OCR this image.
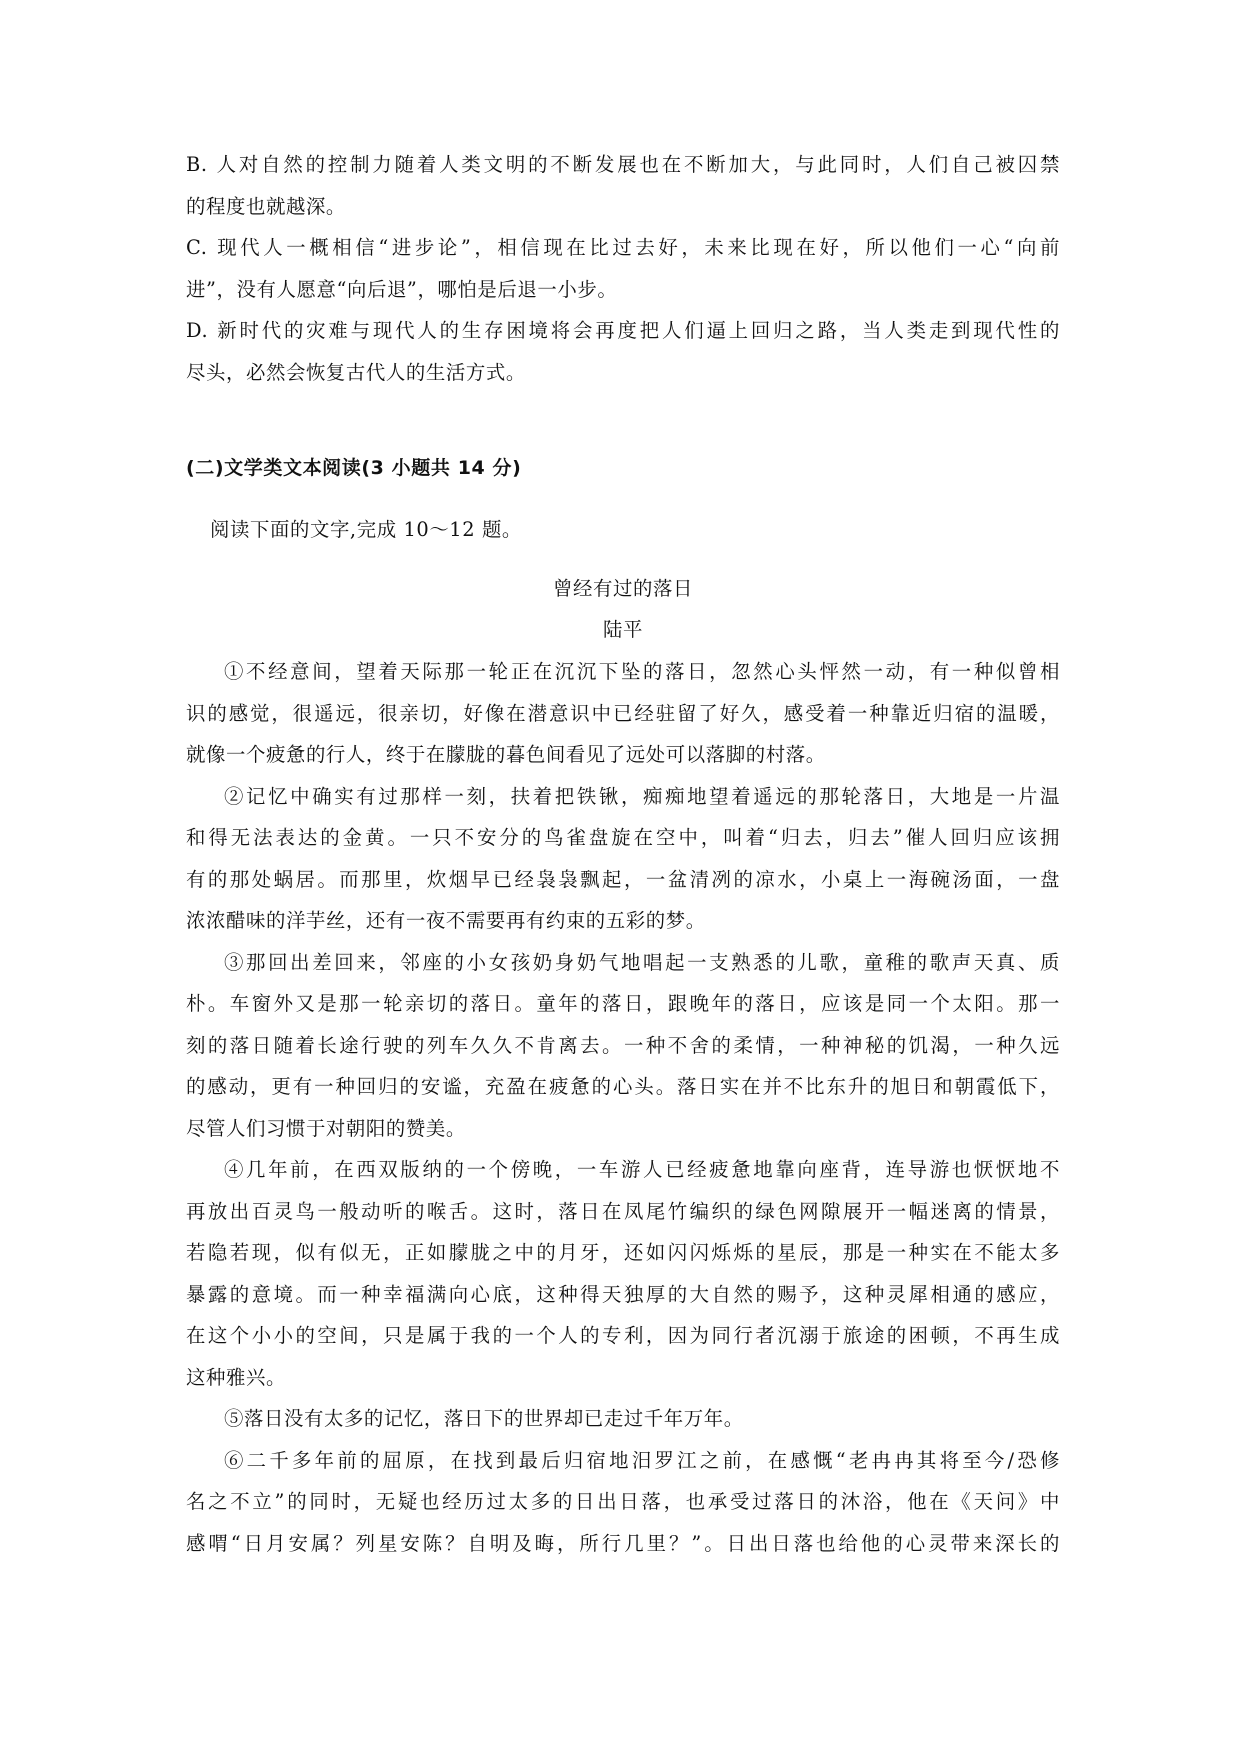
B. 人对自然的控制力随着人类文明的不断发展也在不断加大，与此同时，人们自己被囚禁
的程度也就越深。
C. 现代人一概相信“进步论”，相信现在比过去好，未来比现在好，所以他们一心“向前
进”，没有人愿意“向后退”，哪怕是后退一小步。
D. 新时代的灾难与现代人的生存困境将会再度把人们逼上回归之路，当人类走到现代性的
尽头，必然会恢复古代人的生活方式。
(二)文学类文本阅读(3 小题共 14 分)
阅读下面的文字,完成 10～12 题。
曾经有过的落日
陆平
①不经意间，望着天际那一轮正在沉沉下坠的落日，忽然心头怦然一动，有一种似曾相
识的感觉，很遥远，很亲切，好像在潜意识中已经驻留了好久，感受着一种靠近归宿的温暖，
就像一个疲惫的行人，终于在朦胧的暮色间看见了远处可以落脚的村落。
②记忆中确实有过那样一刻，扶着把铁锹，痴痴地望着遥远的那轮落日，大地是一片温
和得无法表达的金黄。一只不安分的鸟雀盘旋在空中，叫着“归去，归去”催人回归应该拥
有的那处蜗居。而那里，炊烟早已经袅袅飘起，一盆清冽的凉水，小桌上一海碗汤面，一盘
浓浓醋味的洋芋丝，还有一夜不需要再有约束的五彩的梦。
③那回出差回来，邻座的小女孩奶身奶气地唱起一支熟悉的儿歌，童稚的歌声天真、质
朴。车窗外又是那一轮亲切的落日。童年的落日，跟晚年的落日，应该是同一个太阳。那一
刻的落日随着长途行驶的列车久久不肯离去。一种不舍的柔情，一种神秘的饥渴，一种久远
的感动，更有一种回归的安谧，充盈在疲惫的心头。落日实在并不比东升的旭日和朝霞低下，
尽管人们习惯于对朝阳的赞美。
④几年前，在西双版纳的一个傍晚，一车游人已经疲惫地靠向座背，连导游也恹恹地不
再放出百灵鸟一般动听的喉舌。这时，落日在凤尾竹编织的绿色网隙展开一幅迷离的情景，
若隐若现，似有似无，正如朦胧之中的月牙，还如闪闪烁烁的星辰，那是一种实在不能太多
暴露的意境。而一种幸福满向心底，这种得天独厚的大自然的赐予，这种灵犀相通的感应，
在这个小小的空间，只是属于我的一个人的专利，因为同行者沉溺于旅途的困顿，不再生成
这种雅兴。
⑤落日没有太多的记忆，落日下的世界却已走过千年万年。
⑥二千多年前的屈原，在找到最后归宿地汨罗江之前，在感慨“老冉冉其将至今/恐修
名之不立”的同时，无疑也经历过太多的日出日落，也承受过落日的沐浴，他在《天问》中
感喟“日月安属？列星安陈？自明及晦，所行几里？”。日出日落也给他的心灵带来深长的
